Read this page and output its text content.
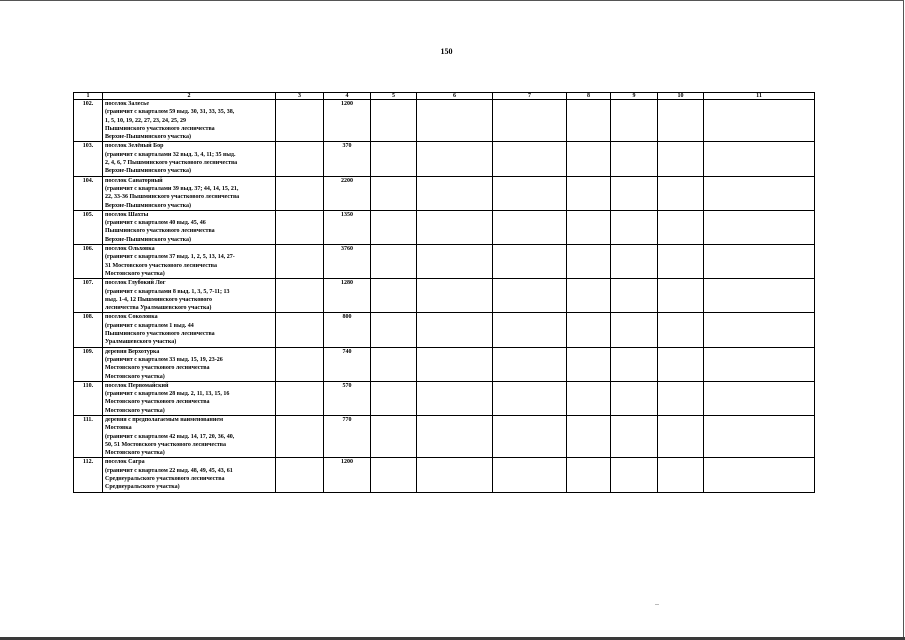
150
1	2	3	4	5	6	7	8	9	10	11
102.	поселок Залесье
(граничит с кварталом 59 выд. 30, 31, 33, 35, 38,
1, 5, 10, 19, 22, 27, 23, 24, 25, 29
Пышминского участкового лесничества
Верхне-Пышминского участка)		1200							
103.	поселок Зелёный Бор
(граничит с кварталами 32 выд. 3, 4, 11; 35 выд.
2, 4, 6, 7 Пышминского участкового лесничества
Верхне-Пышминского участка)		370							
104.	поселок Санаторный
(граничит с кварталами 39 выд. 37; 44, 14, 15, 21,
22, 33-36 Пышминского участкового лесничества
Верхне-Пышминского участка)		2200							
105.	поселок Шахты
(граничит с кварталом 40 выд. 45, 46
Пышминского участкового лесничества
Верхне-Пышминского участка)		1350							
106.	поселок Ольховка
(граничит с кварталом 37 выд. 1, 2, 5, 13, 14, 27-
31 Мостовского участкового лесничества
Мостовского участка)		3760							
107.	поселок Глубокий Лог
(граничит с кварталами 8 выд. 1, 3, 5, 7-11; 13
выд. 1-4, 12 Пышминского участкового
лесничества Уралмашевского участка)		1280							
108.	поселок Соколовка
(граничит с кварталом 1 выд. 44
Пышминского участкового лесничества
Уралмашевского участка)		800							
109.	деревня Верхотурка
(граничит с кварталом 33 выд. 15, 19, 23-26
Мостовского участкового лесничества
Мостовского участка)		740							
110.	поселок Первомайский
(граничит с кварталом 28 выд. 2, 11, 13, 15, 16
Мостовского участкового лесничества
Мостовского участка)		570							
111.	деревня с предполагаемым наименованием
Мостовка
(граничит с кварталом 42 выд. 14, 17, 20, 36, 40,
50, 51 Мостовского участкового лесничества
Мостовского участка)		770							
112.	поселок Сагра
(граничит с кварталом 22 выд. 48, 49, 45, 43, 61
Среднеуральского участкового лесничества
Среднеуральского участка)		1200							
